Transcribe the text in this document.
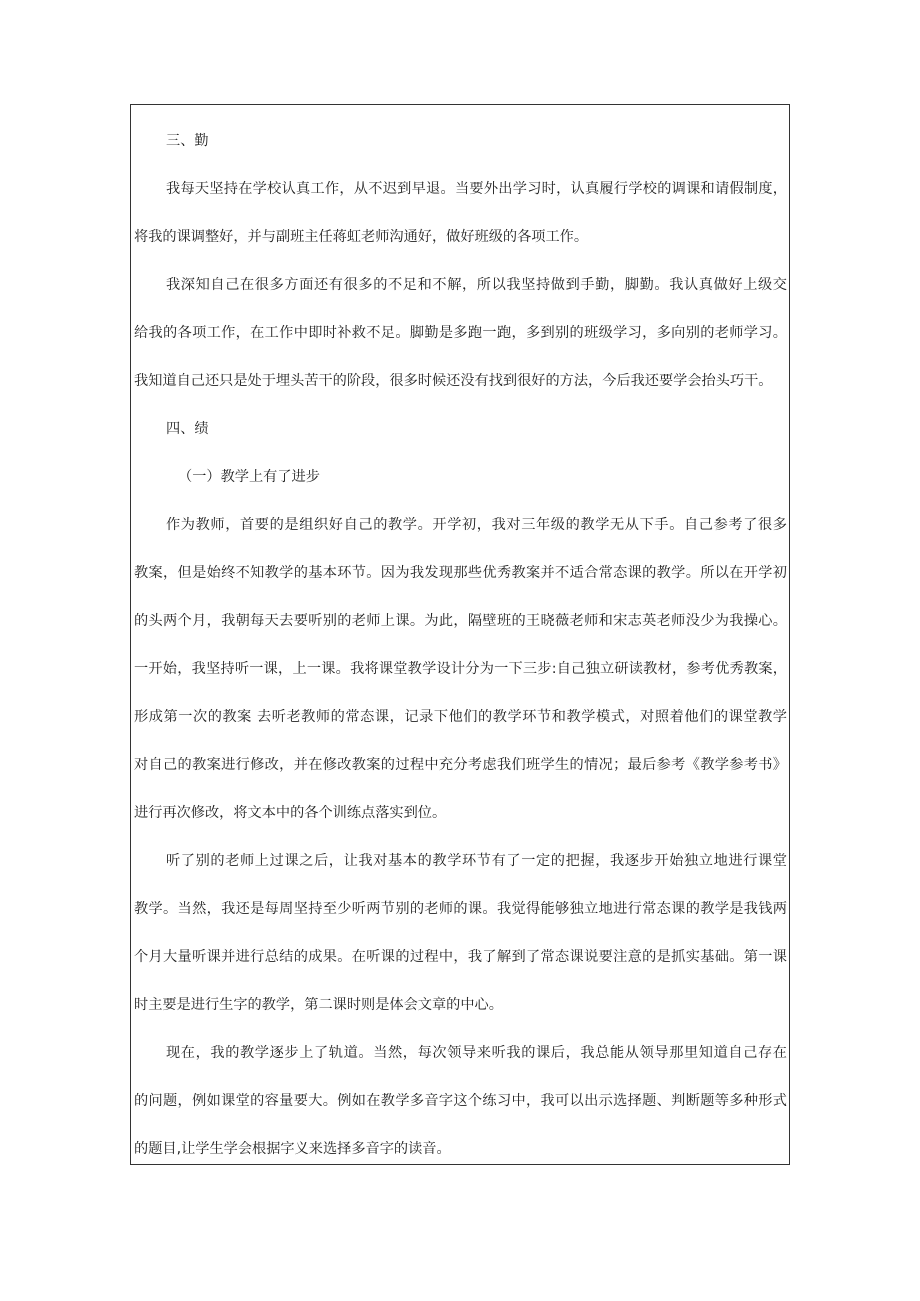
三、勤
我每天坚持在学校认真工作，从不迟到早退。当要外出学习时，认真履行学校的调课和请假制度，
将我的课调整好，并与副班主任蒋虹老师沟通好，做好班级的各项工作。
我深知自己在很多方面还有很多的不足和不解，所以我坚持做到手勤，脚勤。我认真做好上级交
给我的各项工作，在工作中即时补救不足。脚勤是多跑一跑，多到别的班级学习，多向别的老师学习。
我知道自己还只是处于埋头苦干的阶段，很多时候还没有找到很好的方法，今后我还要学会抬头巧干。
四、绩
（一）教学上有了进步
作为教师，首要的是组织好自己的教学。开学初，我对三年级的教学无从下手。自己参考了很多
教案，但是始终不知教学的基本环节。因为我发现那些优秀教案并不适合常态课的教学。所以在开学初
的头两个月，我朝每天去要听别的老师上课。为此，隔壁班的王晓薇老师和宋志英老师没少为我操心。
一开始，我坚持听一课，上一课。我将课堂教学设计分为一下三步:自己独立研读教材，参考优秀教案，
形成第一次的教案 去听老教师的常态课，记录下他们的教学环节和教学模式，对照着他们的课堂教学
对自己的教案进行修改，并在修改教案的过程中充分考虑我们班学生的情况；最后参考《教学参考书》
进行再次修改，将文本中的各个训练点落实到位。
听了别的老师上过课之后，让我对基本的教学环节有了一定的把握，我逐步开始独立地进行课堂
教学。当然，我还是每周坚持至少听两节别的老师的课。我觉得能够独立地进行常态课的教学是我钱两
个月大量听课并进行总结的成果。在听课的过程中，我了解到了常态课说要注意的是抓实基础。第一课
时主要是进行生字的教学，第二课时则是体会文章的中心。
现在，我的教学逐步上了轨道。当然，每次领导来听我的课后，我总能从领导那里知道自己存在
的问题，例如课堂的容量要大。例如在教学多音字这个练习中，我可以出示选择题、判断题等多种形式
的题目,让学生学会根据字义来选择多音字的读音。
